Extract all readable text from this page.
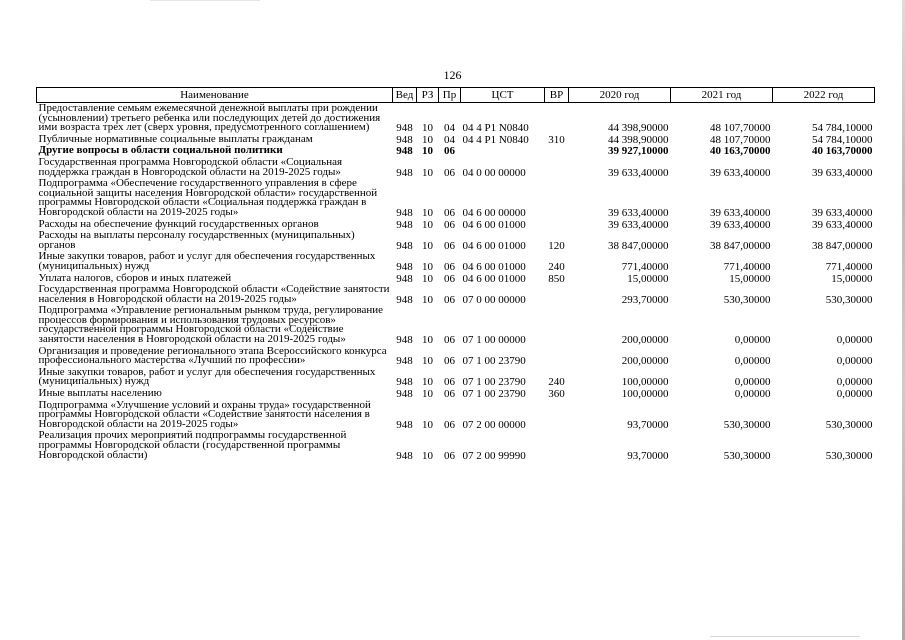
126
Наименование	Вед	РЗ	Пр	ЦСТ	ВР	2020 год	2021 год	2022 год
Предоставление семьям ежемесячной денежной выплаты при рождении (усыновлении) третьего ребенка или последующих детей до достижения ими возраста трех лет (сверх уровня, предусмотренного соглашением)	948	10	04	04 4 P1 N0840		44 398,90000	48 107,70000	54 784,10000
Публичные нормативные социальные выплаты гражданам	948	10	04	04 4 P1 N0840	310	44 398,90000	48 107,70000	54 784,10000
Другие вопросы в области социальной политики	948	10	06			39 927,10000	40 163,70000	40 163,70000
Государственная программа Новгородской области «Социальная поддержка граждан в Новгородской области на 2019-2025 годы»	948	10	06	04 0 00 00000		39 633,40000	39 633,40000	39 633,40000
Подпрограмма «Обеспечение государственного управления в сфере социальной защиты населения Новгородской области» государственной программы Новгородской области «Социальная поддержка граждан в Новгородской области на 2019-2025 годы»	948	10	06	04 6 00 00000		39 633,40000	39 633,40000	39 633,40000
Расходы на обеспечение функций государственных органов	948	10	06	04 6 00 01000		39 633,40000	39 633,40000	39 633,40000
Расходы на выплаты персоналу государственных (муниципальных) органов	948	10	06	04 6 00 01000	120	38 847,00000	38 847,00000	38 847,00000
Иные закупки товаров, работ и услуг для обеспечения государственных (муниципальных) нужд	948	10	06	04 6 00 01000	240	771,40000	771,40000	771,40000
Уплата налогов, сборов и иных платежей	948	10	06	04 6 00 01000	850	15,00000	15,00000	15,00000
Государственная программа Новгородской области «Содействие занятости населения в Новгородской области на 2019-2025 годы»	948	10	06	07 0 00 00000		293,70000	530,30000	530,30000
Подпрограмма «Управление региональным рынком труда, регулирование процессов формирования и использования трудовых ресурсов» государственной программы Новгородской области «Содействие занятости населения в Новгородской области на 2019-2025 годы»	948	10	06	07 1 00 00000		200,00000	0,00000	0,00000
Организация и проведение регионального этапа Всероссийского конкурса профессионального мастерства «Лучший по профессии»	948	10	06	07 1 00 23790		200,00000	0,00000	0,00000
Иные закупки товаров, работ и услуг для обеспечения государственных (муниципальных) нужд	948	10	06	07 1 00 23790	240	100,00000	0,00000	0,00000
Иные выплаты населению	948	10	06	07 1 00 23790	360	100,00000	0,00000	0,00000
Подпрограмма «Улучшение условий и охраны труда» государственной программы Новгородской области «Содействие занятости населения в Новгородской области на 2019-2025 годы»	948	10	06	07 2 00 00000		93,70000	530,30000	530,30000
Реализация прочих мероприятий подпрограммы государственной программы Новгородской области (государственной программы Новгородской области)	948	10	06	07 2 00 99990		93,70000	530,30000	530,30000
